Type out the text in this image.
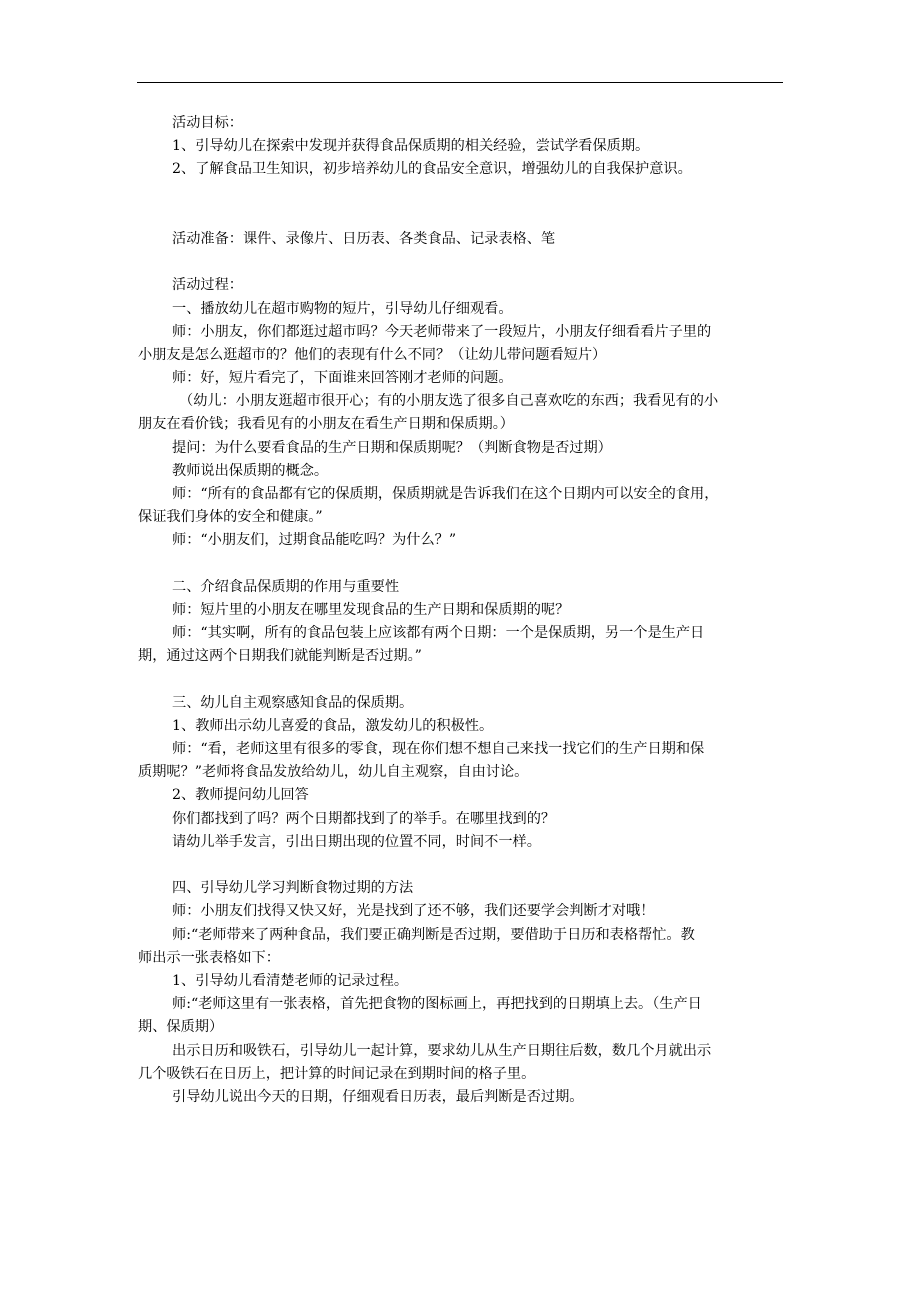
活动目标：
1、引导幼儿在探索中发现并获得食品保质期的相关经验，尝试学看保质期。
2、了解食品卫生知识，初步培养幼儿的食品安全意识，增强幼儿的自我保护意识。
活动准备：课件、录像片、日历表、各类食品、记录表格、笔
活动过程：
一、播放幼儿在超市购物的短片，引导幼儿仔细观看。
师：小朋友，你们都逛过超市吗？今天老师带来了一段短片，小朋友仔细看看片子里的
小朋友是怎么逛超市的？他们的表现有什么不同？（让幼儿带问题看短片）
师：好，短片看完了，下面谁来回答刚才老师的问题。
（幼儿：小朋友逛超市很开心；有的小朋友选了很多自己喜欢吃的东西；我看见有的小
朋友在看价钱；我看见有的小朋友在看生产日期和保质期。）
提问：为什么要看食品的生产日期和保质期呢？（判断食物是否过期）
教师说出保质期的概念。
师：“所有的食品都有它的保质期，保质期就是告诉我们在这个日期内可以安全的食用，
保证我们身体的安全和健康。”
师：“小朋友们，过期食品能吃吗？为什么？”
二、介绍食品保质期的作用与重要性
师：短片里的小朋友在哪里发现食品的生产日期和保质期的呢？
师：“其实啊，所有的食品包装上应该都有两个日期：一个是保质期，另一个是生产日
期，通过这两个日期我们就能判断是否过期。”
三、幼儿自主观察感知食品的保质期。
1、教师出示幼儿喜爱的食品，激发幼儿的积极性。
师：“看，老师这里有很多的零食，现在你们想不想自己来找一找它们的生产日期和保
质期呢？”老师将食品发放给幼儿，幼儿自主观察，自由讨论。
2、教师提问幼儿回答
你们都找到了吗？两个日期都找到了的举手。在哪里找到的？
请幼儿举手发言，引出日期出现的位置不同，时间不一样。
四、引导幼儿学习判断食物过期的方法
师：小朋友们找得又快又好，光是找到了还不够，我们还要学会判断才对哦！
师:“老师带来了两种食品，我们要正确判断是否过期，要借助于日历和表格帮忙。教
师出示一张表格如下：
1、引导幼儿看清楚老师的记录过程。
师:“老师这里有一张表格，首先把食物的图标画上，再把找到的日期填上去。（生产日
期、保质期）
出示日历和吸铁石，引导幼儿一起计算，要求幼儿从生产日期往后数，数几个月就出示
几个吸铁石在日历上，把计算的时间记录在到期时间的格子里。
引导幼儿说出今天的日期，仔细观看日历表，最后判断是否过期。
